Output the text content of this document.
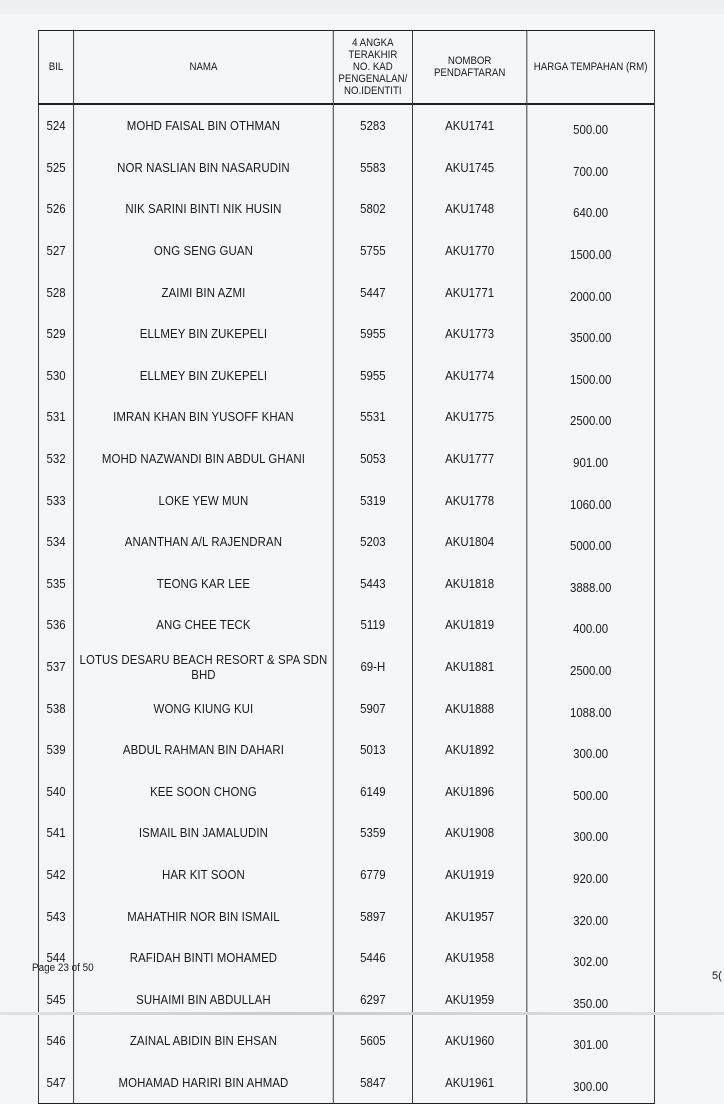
BIL	NAMA	4 ANGKA TERAKHIR
NO. KAD
PENGENALAN/
NO.IDENTITI	NOMBOR PENDAFTARAN	HARGA TEMPAHAN (RM)
524	MOHD FAISAL BIN OTHMAN	5283	AKU1741	500.00
525	NOR NASLIAN BIN NASARUDIN	5583	AKU1745	700.00
526	NIK SARINI BINTI NIK HUSIN	5802	AKU1748	640.00
527	ONG SENG GUAN	5755	AKU1770	1500.00
528	ZAIMI BIN AZMI	5447	AKU1771	2000.00
529	ELLMEY BIN ZUKEPELI	5955	AKU1773	3500.00
530	ELLMEY BIN ZUKEPELI	5955	AKU1774	1500.00
531	IMRAN KHAN BIN YUSOFF KHAN	5531	AKU1775	2500.00
532	MOHD NAZWANDI BIN ABDUL GHANI	5053	AKU1777	901.00
533	LOKE YEW MUN	5319	AKU1778	1060.00
534	ANANTHAN A/L RAJENDRAN	5203	AKU1804	5000.00
535	TEONG KAR LEE	5443	AKU1818	3888.00
536	ANG CHEE TECK	5119	AKU1819	400.00
537	LOTUS DESARU BEACH RESORT & SPA SDN BHD	69-H	AKU1881	2500.00
538	WONG KIUNG KUI	5907	AKU1888	1088.00
539	ABDUL RAHMAN BIN DAHARI	5013	AKU1892	300.00
540	KEE SOON CHONG	6149	AKU1896	500.00
541	ISMAIL BIN JAMALUDIN	5359	AKU1908	300.00
542	HAR KIT SOON	6779	AKU1919	920.00
543	MAHATHIR NOR BIN ISMAIL	5897	AKU1957	320.00
544	RAFIDAH BINTI MOHAMED	5446	AKU1958	302.00
545	SUHAIMI BIN ABDULLAH	6297	AKU1959	350.00
546	ZAINAL ABIDIN BIN EHSAN	5605	AKU1960	301.00
547	MOHAMAD HARIRI BIN AHMAD	5847	AKU1961	300.00
Page 23 of 50
5(
